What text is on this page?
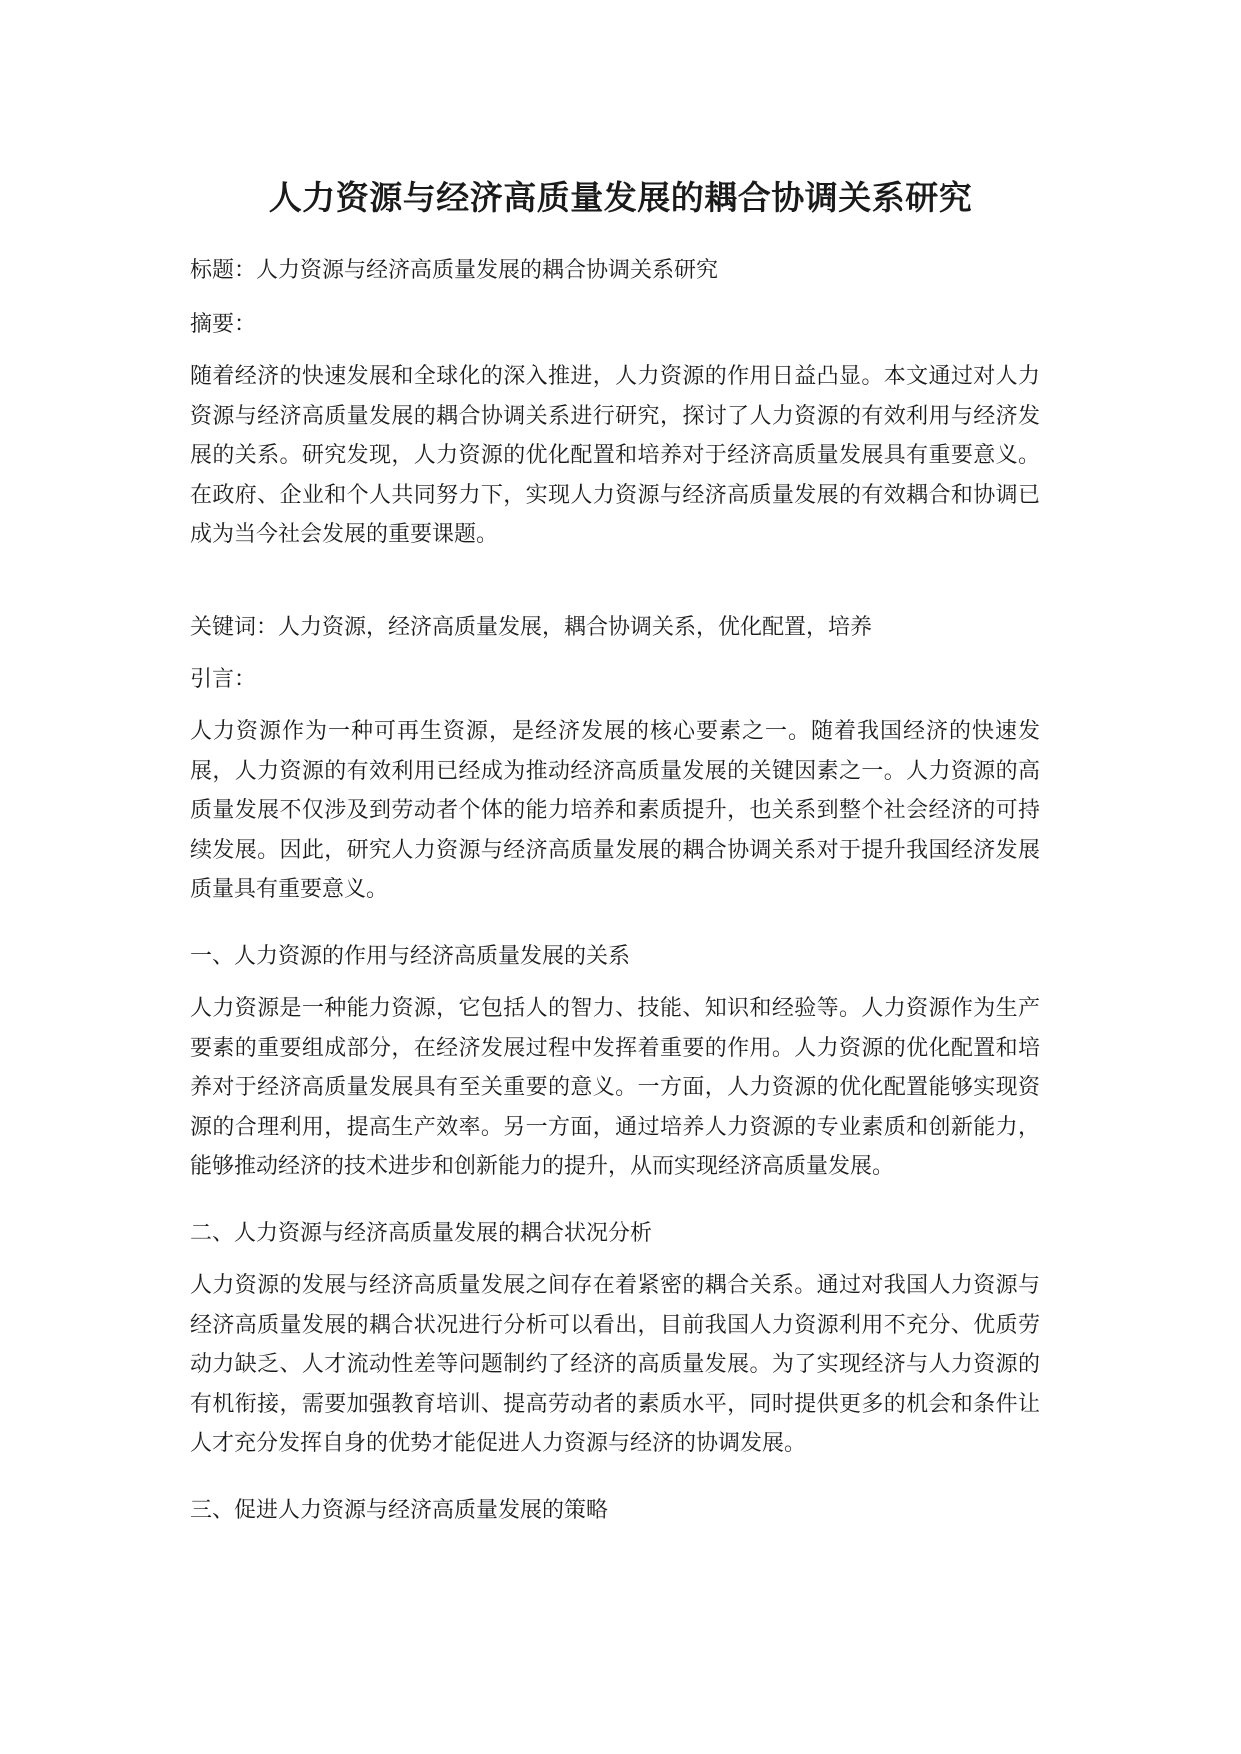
人力资源与经济高质量发展的耦合协调关系研究

标题：人力资源与经济高质量发展的耦合协调关系研究

摘要：

随着经济的快速发展和全球化的深入推进，人力资源的作用日益凸显。本文通过对人力资源与经济高质量发展的耦合协调关系进行研究，探讨了人力资源的有效利用与经济发展的关系。研究发现，人力资源的优化配置和培养对于经济高质量发展具有重要意义。在政府、企业和个人共同努力下，实现人力资源与经济高质量发展的有效耦合和协调已成为当今社会发展的重要课题。

关键词：人力资源，经济高质量发展，耦合协调关系，优化配置，培养

引言：

人力资源作为一种可再生资源，是经济发展的核心要素之一。随着我国经济的快速发展，人力资源的有效利用已经成为推动经济高质量发展的关键因素之一。人力资源的高质量发展不仅涉及到劳动者个体的能力培养和素质提升，也关系到整个社会经济的可持续发展。因此，研究人力资源与经济高质量发展的耦合协调关系对于提升我国经济发展质量具有重要意义。

一、人力资源的作用与经济高质量发展的关系

人力资源是一种能力资源，它包括人的智力、技能、知识和经验等。人力资源作为生产要素的重要组成部分，在经济发展过程中发挥着重要的作用。人力资源的优化配置和培养对于经济高质量发展具有至关重要的意义。一方面，人力资源的优化配置能够实现资源的合理利用，提高生产效率。另一方面，通过培养人力资源的专业素质和创新能力，能够推动经济的技术进步和创新能力的提升，从而实现经济高质量发展。

二、人力资源与经济高质量发展的耦合状况分析

人力资源的发展与经济高质量发展之间存在着紧密的耦合关系。通过对我国人力资源与经济高质量发展的耦合状况进行分析可以看出，目前我国人力资源利用不充分、优质劳动力缺乏、人才流动性差等问题制约了经济的高质量发展。为了实现经济与人力资源的有机衔接，需要加强教育培训、提高劳动者的素质水平，同时提供更多的机会和条件让人才充分发挥自身的优势才能促进人力资源与经济的协调发展。

三、促进人力资源与经济高质量发展的策略
